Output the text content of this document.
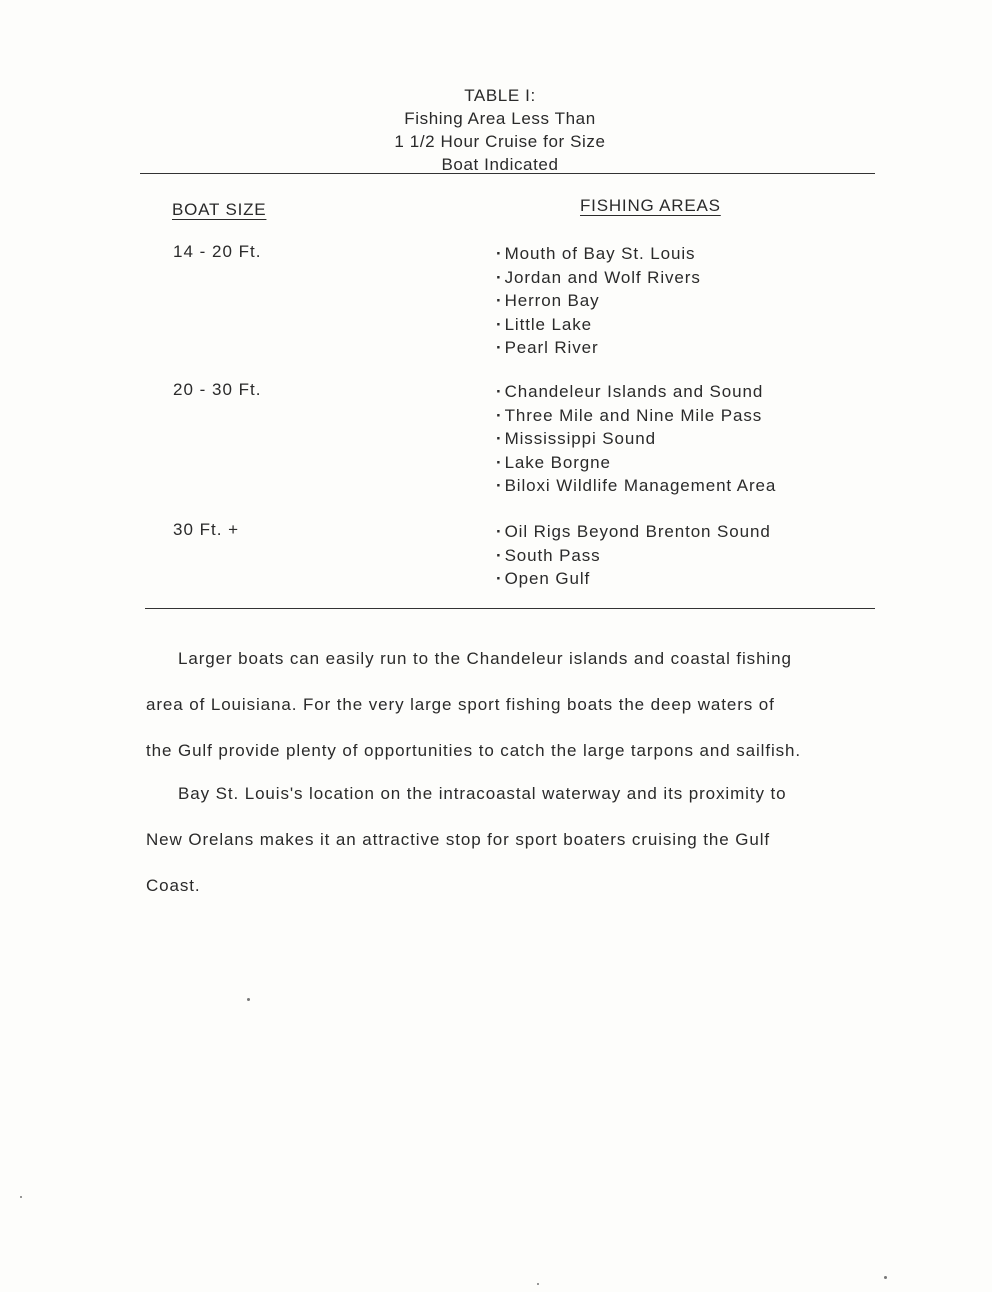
TABLE I:
Fishing Area Less Than
1 1/2 Hour Cruise for Size
Boat Indicated
BOAT SIZE	FISHING AREAS
14 - 20 Ft.	· Mouth of Bay St. Louis
· Jordan and Wolf Rivers
· Herron Bay
· Little Lake
· Pearl River
20 - 30 Ft.	· Chandeleur Islands and Sound
· Three Mile and Nine Mile Pass
· Mississippi Sound
· Lake Borgne
· Biloxi Wildlife Management Area
30 Ft. +	· Oil Rigs Beyond Brenton Sound
· South Pass
· Open Gulf

Larger boats can easily run to the Chandeleur islands and coastal fishing
area of Louisiana. For the very large sport fishing boats the deep waters of
the Gulf provide plenty of opportunities to catch the large tarpons and sailfish.

Bay St. Louis's location on the intracoastal waterway and its proximity to
New Orelans makes it an attractive stop for sport boaters cruising the Gulf
Coast.
